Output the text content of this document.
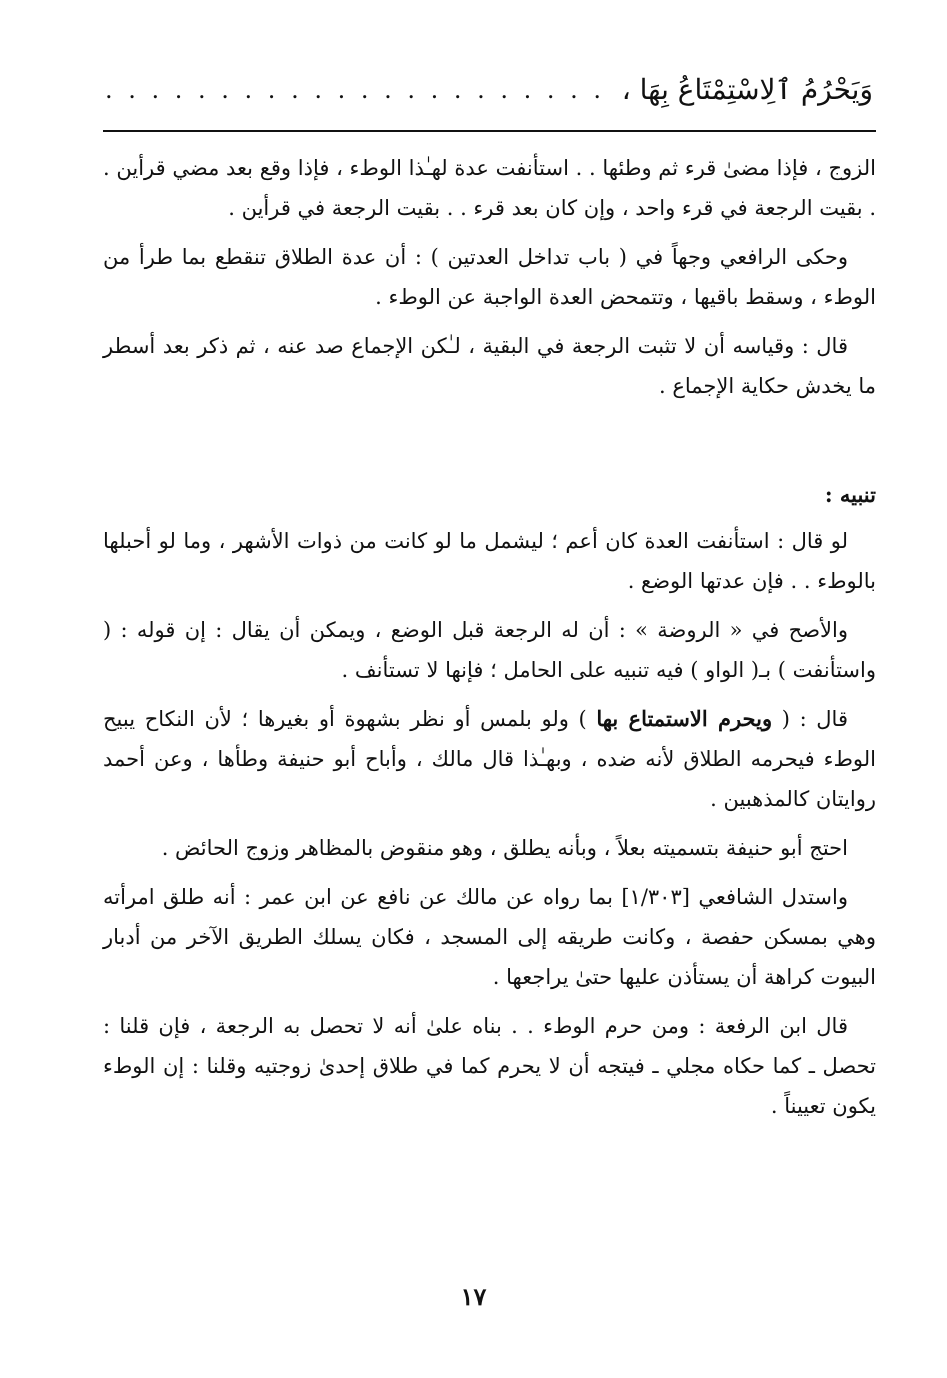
وَيَحْرُمُ ٱلِاسْتِمْتَاعُ بِهَا ،
. . . . . . . . . . . . . . . . . . . . . .

الزوج ، فإذا مضىٰ قرء ثم وطئها . . استأنفت عدة لهـٰذا الوطء ، فإذا وقع بعد مضي قرأين . . بقيت الرجعة في قرء واحد ، وإن كان بعد قرء . . بقيت الرجعة في قرأين .

وحكى الرافعي وجهاً في ( باب تداخل العدتين ) : أن عدة الطلاق تنقطع بما طرأ من الوطء ، وسقط باقيها ، وتتمحض العدة الواجبة عن الوطء .

قال : وقياسه أن لا تثبت الرجعة في البقية ، لـٰكن الإجماع صد عنه ، ثم ذكر بعد أسطر ما يخدش حكاية الإجماع .

تنبيه :

لو قال : استأنفت العدة كان أعم ؛ ليشمل ما لو كانت من ذوات الأشهر ، وما لو أحبلها بالوطء . . فإن عدتها الوضع .

والأصح في « الروضة » : أن له الرجعة قبل الوضع ، ويمكن أن يقال : إن قوله : ( واستأنفت ) بـ( الواو ) فيه تنبيه على الحامل ؛ فإنها لا تستأنف .

قال : ( ويحرم الاستمتاع بها ) ولو بلمس أو نظر بشهوة أو بغيرها ؛ لأن النكاح يبيح الوطء فيحرمه الطلاق لأنه ضده ، وبهـٰذا قال مالك ، وأباح أبو حنيفة وطأها ، وعن أحمد روايتان كالمذهبين .

احتج أبو حنيفة بتسميته بعلاً ، وبأنه يطلق ، وهو منقوض بالمظاهر وزوج الحائض .

واستدل الشافعي [١/٣٠٣] بما رواه عن مالك عن نافع عن ابن عمر : أنه طلق امرأته وهي بمسكن حفصة ، وكانت طريقه إلى المسجد ، فكان يسلك الطريق الآخر من أدبار البيوت كراهة أن يستأذن عليها حتىٰ يراجعها .

قال ابن الرفعة : ومن حرم الوطء . . بناه علىٰ أنه لا تحصل به الرجعة ، فإن قلنا : تحصل ـ كما حكاه مجلي ـ فيتجه أن لا يحرم كما في طلاق إحدىٰ زوجتيه وقلنا : إن الوطء يكون تعييناً .

١٧
